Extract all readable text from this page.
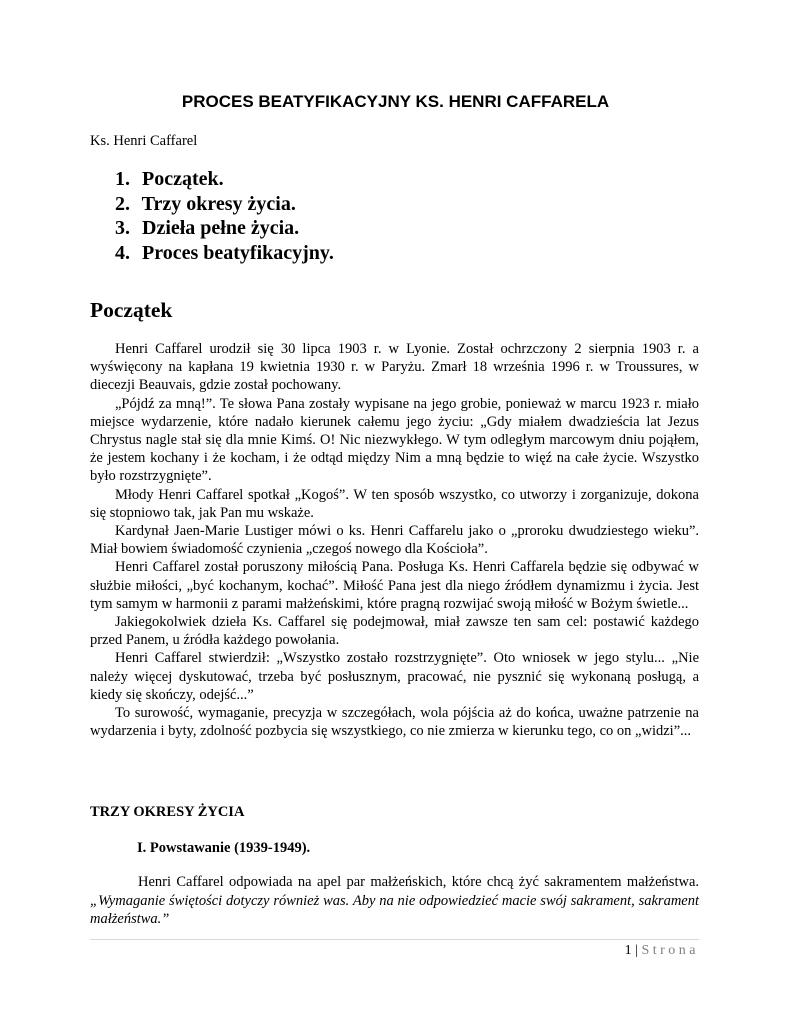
PROCES BEATYFIKACYJNY KS. HENRI CAFFARELA
Ks. Henri Caffarel
1. Początek.
2. Trzy okresy życia.
3. Dzieła pełne życia.
4. Proces beatyfikacyjny.
Początek

Henri Caffarel urodził się 30 lipca 1903 r. w Lyonie. Został ochrzczony 2 sierpnia 1903 r. a wyświęcony na kapłana 19 kwietnia 1930 r. w Paryżu. Zmarł 18 września 1996 r. w Troussures, w diecezji Beauvais, gdzie został pochowany.

„Pójdź za mną!”. Te słowa Pana zostały wypisane na jego grobie, ponieważ w marcu 1923 r. miało miejsce wydarzenie, które nadało kierunek całemu jego życiu: „Gdy miałem dwadzieścia lat Jezus Chrystus nagle stał się dla mnie Kimś. O! Nic niezwykłego. W tym odległym marcowym dniu pojąłem, że jestem kochany i że kocham, i że odtąd między Nim a mną będzie to więź na całe życie. Wszystko było rozstrzygnięte”.

Młody Henri Caffarel spotkał „Kogoś”. W ten sposób wszystko, co utworzy i zorganizuje, dokona się stopniowo tak, jak Pan mu wskaże.

Kardynał Jaen-Marie Lustiger mówi o ks. Henri Caffarelu jako o „proroku dwudziestego wieku”. Miał bowiem świadomość czynienia „czegoś nowego dla Kościoła”.

Henri Caffarel został poruszony miłością Pana. Posługa Ks. Henri Caffarela będzie się odbywać w służbie miłości, „być kochanym, kochać”. Miłość Pana jest dla niego źródłem dynamizmu i życia. Jest tym samym w harmonii z parami małżeńskimi, które pragną rozwijać swoją miłość w Bożym świetle...

Jakiegokolwiek dzieła Ks. Caffarel się podejmował, miał zawsze ten sam cel: postawić każdego przed Panem, u źródła każdego powołania.

Henri Caffarel stwierdził: „Wszystko zostało rozstrzygnięte”. Oto wniosek w jego stylu... „Nie należy więcej dyskutować, trzeba być posłusznym, pracować, nie pysznić się wykonaną posługą, a kiedy się skończy, odejść...”

To surowość, wymaganie, precyzja w szczegółach, wola pójścia aż do końca, uważne patrzenie na wydarzenia i byty, zdolność pozbycia się wszystkiego, co nie zmierza w kierunku tego, co on „widzi”...

TRZY OKRESY ŻYCIA
I. Powstawanie (1939-1949).

Henri Caffarel odpowiada na apel par małżeńskich, które chcą żyć sakramentem małżeństwa. „Wymaganie świętości dotyczy również was. Aby na nie odpowiedzieć macie swój sakrament, sakrament małżeństwa.”

1 | Strona
